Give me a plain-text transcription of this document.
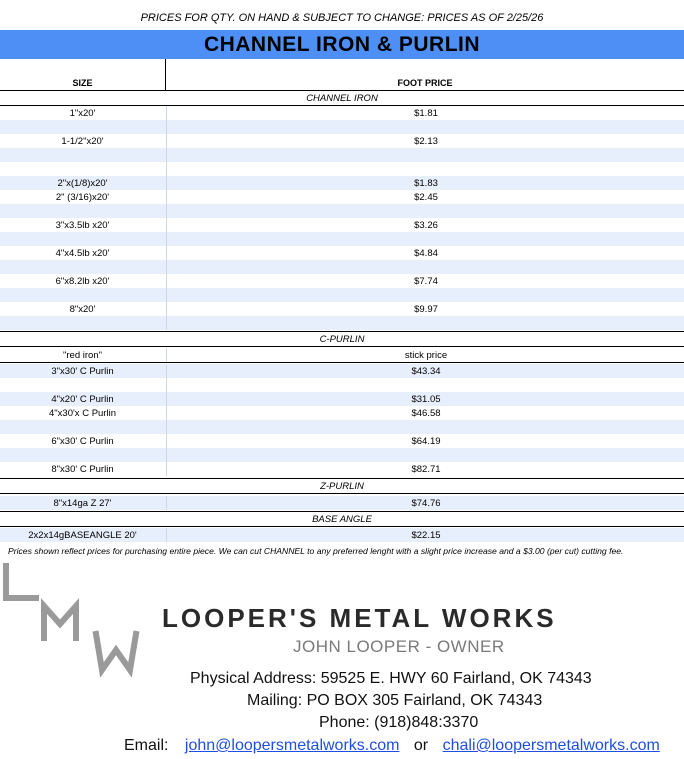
PRICES FOR QTY. ON HAND & SUBJECT TO CHANGE: PRICES AS OF 2/25/26
CHANNEL IRON & PURLIN
SIZE	FOOT PRICE
CHANNEL IRON
1"x20'	$1.81
1-1/2"x20'	$2.13
2"x(1/8)x20'	$1.83
2" (3/16)x20'	$2.45
3"x3.5lb x20'	$3.26
4"x4.5lb x20'	$4.84
6"x8.2lb x20'	$7.74
8"x20'	$9.97
C-PURLIN
"red iron"	stick price
3"x30' C Purlin	$43.34
4"x20' C Purlin	$31.05
4"x30'x C Purlin	$46.58
6"x30' C Purlin	$64.19
8"x30' C Purlin	$82.71
Z-PURLIN
8"x14ga Z 27'	$74.76
BASE ANGLE
2x2x14gBASEANGLE 20'	$22.15
Prices shown reflect prices for purchasing entire piece. We can cut CHANNEL to any preferred lenght with a slight price increase and a $3.00 (per cut) cutting fee.
LOOPER'S METAL WORKS
JOHN LOOPER - OWNER
Physical Address: 59525 E. HWY 60 Fairland, OK 74343
Mailing: PO BOX 305 Fairland, OK 74343
Phone: (918)848:3370
Email: john@loopersmetalworks.com or chali@loopersmetalworks.com
